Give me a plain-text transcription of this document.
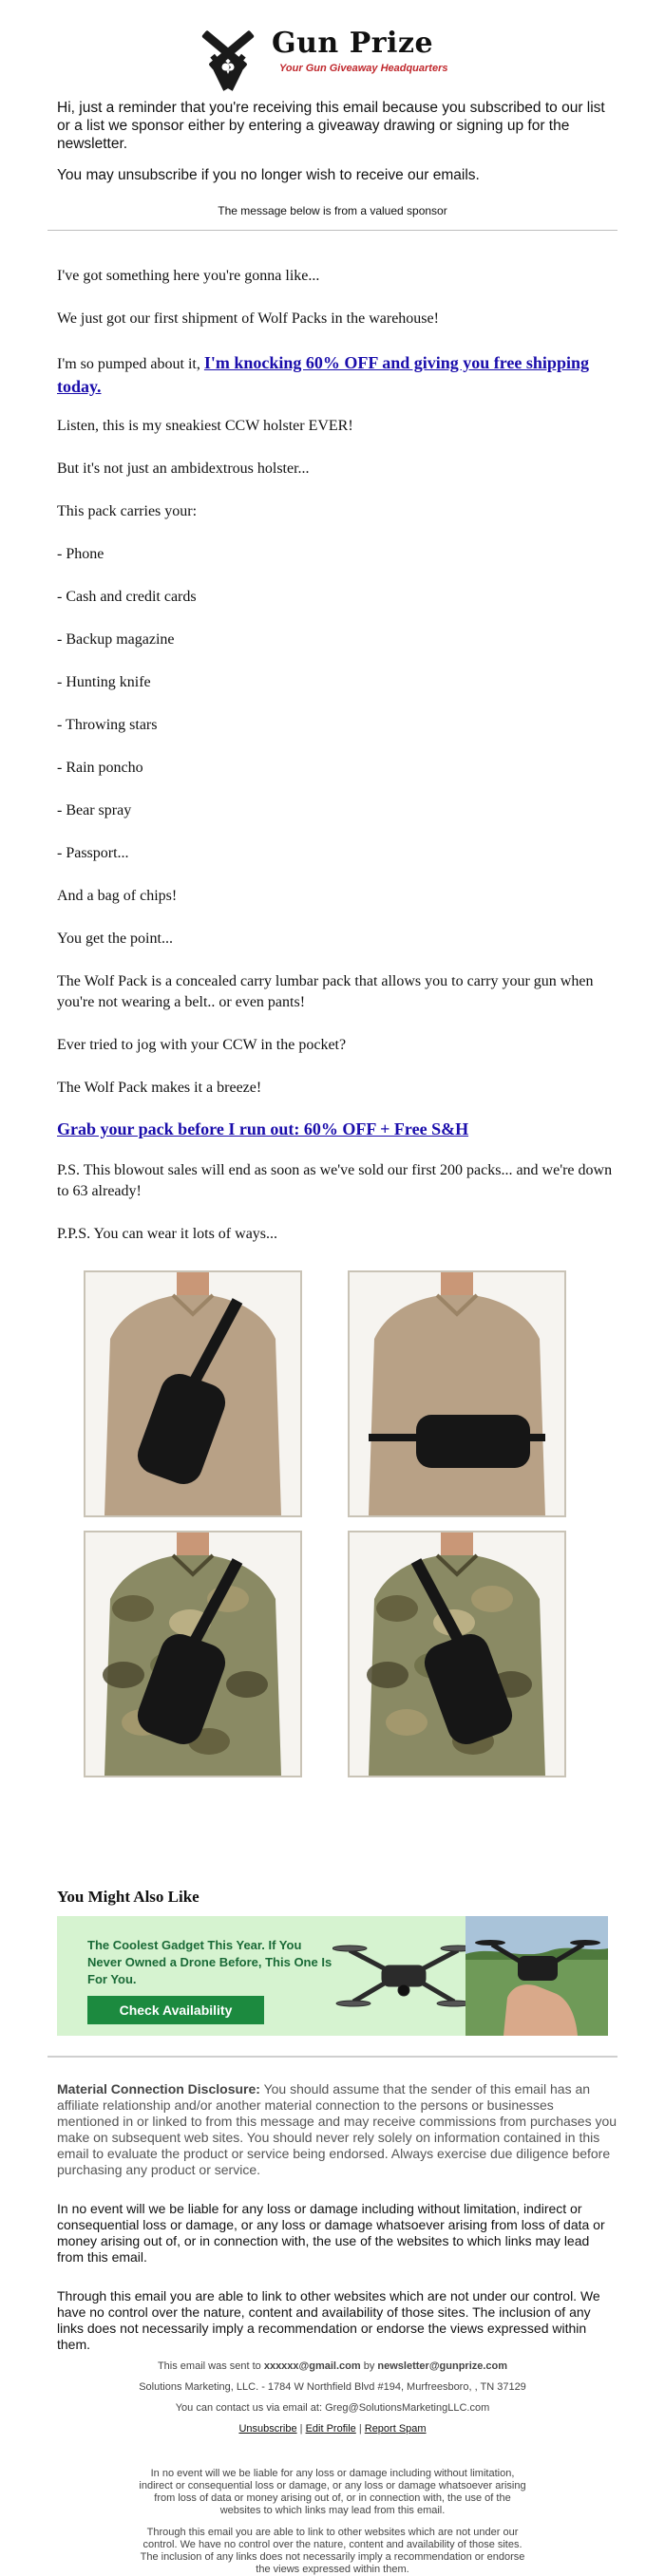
Gun Prize
Your Gun Giveaway Headquarters

Hi, just a reminder that you're receiving this email because you subscribed to our list or a list we sponsor either by entering a giveaway drawing or signing up for the newsletter.

You may unsubscribe if you no longer wish to receive our emails.

The message below is from a valued sponsor

I've got something here you're gonna like...

We just got our first shipment of Wolf Packs in the warehouse!

I'm so pumped about it, I'm knocking 60% OFF and giving you free shipping today.

Listen, this is my sneakiest CCW holster EVER!

But it's not just an ambidextrous holster...

This pack carries your:

- Phone

- Cash and credit cards

- Backup magazine

- Hunting knife

- Throwing stars

- Rain poncho

- Bear spray

- Passport...

And a bag of chips!

You get the point...

The Wolf Pack is a concealed carry lumbar pack that allows you to carry your gun when you're not wearing a belt.. or even pants!

Ever tried to jog with your CCW in the pocket?

The Wolf Pack makes it a breeze!

Grab your pack before I run out: 60% OFF + Free S&H

P.S. This blowout sales will end as soon as we've sold our first 200 packs... and we're down to 63 already!

P.P.S. You can wear it lots of ways...

You Might Also Like
The Coolest Gadget This Year. If You Never Owned a Drone Before, This One Is For You.
Check Availability

Material Connection Disclosure: You should assume that the sender of this email has an affiliate relationship and/or another material connection to the persons or businesses mentioned in or linked to from this message and may receive commissions from purchases you make on subsequent web sites. You should never rely solely on information contained in this email to evaluate the product or service being endorsed. Always exercise due diligence before purchasing any product or service.

In no event will we be liable for any loss or damage including without limitation, indirect or consequential loss or damage, or any loss or damage whatsoever arising from loss of data or money arising out of, or in connection with, the use of the websites to which links may lead from this email.

Through this email you are able to link to other websites which are not under our control. We have no control over the nature, content and availability of those sites. The inclusion of any links does not necessarily imply a recommendation or endorse the views expressed within them.

This email was sent to xxxxxx@gmail.com by newsletter@gunprize.com
Solutions Marketing, LLC. - 1784 W Northfield Blvd #194, Murfreesboro, , TN 37129
You can contact us via email at: Greg@SolutionsMarketingLLC.com
Unsubscribe | Edit Profile | Report Spam
In no event will we be liable for any loss or damage including without limitation, indirect or consequential loss or damage, or any loss or damage whatsoever arising from loss of data or money arising out of, or in connection with, the use of the websites to which links may lead from this email.
Through this email you are able to link to other websites which are not under our control. We have no control over the nature, content and availability of those sites. The inclusion of any links does not necessarily imply a recommendation or endorse the views expressed within them.
